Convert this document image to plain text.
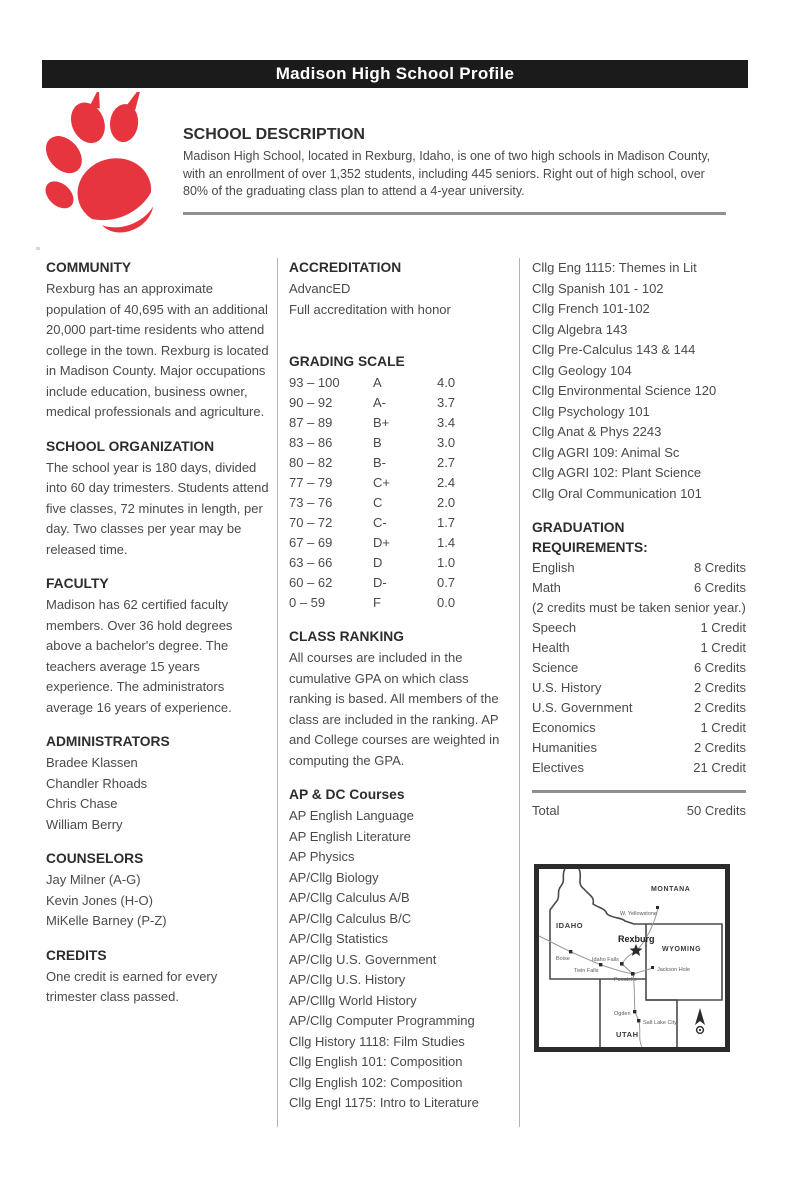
Madison High School Profile
SCHOOL DESCRIPTION

Madison High School, located in Rexburg, Idaho, is one of two high schools in Madison County, with an enrollment of over 1,352 students, including 445 seniors. Right out of high school, over 80% of the graduating class plan to attend a 4-year university.

COMMUNITY

Rexburg has an approximate population of 40,695 with an additional 20,000 part-time residents who attend college in the town. Rexburg is located in Madison County. Major occupations include education, business owner, medical professionals and agriculture.

SCHOOL ORGANIZATION

The school year is 180 days, divided into 60 day trimesters. Students attend five classes, 72 minutes in length, per day. Two classes per year may be released time.

FACULTY

Madison has 62 certified faculty members. Over 36 hold degrees above a bachelor's degree. The teachers average 15 years experience. The administrators average 16 years of experience.

ADMINISTRATORS
Bradee Klassen
Chandler Rhoads
Chris Chase
William Berry
COUNSELORS
Jay Milner (A-G)
Kevin Jones (H-O)
MiKelle Barney (P-Z)
CREDITS

One credit is earned for every trimester class passed.

ACCREDITATION
AdvancED
Full accreditation with honor
GRADING SCALE
93 – 100	A	4.0
90 – 92	A-	3.7
87 – 89	B+	3.4
83 – 86	B	3.0
80 – 82	B-	2.7
77 – 79	C+	2.4
73 – 76	C	2.0
70 – 72	C-	1.7
67 – 69	D+	1.4
63 – 66	D	1.0
60 – 62	D-	0.7
0 – 59	F	0.0
CLASS RANKING

All courses are included in the cumulative GPA on which class ranking is based. All members of the class are included in the ranking. AP and College courses are weighted in computing the GPA.

AP & DC Courses
AP English Language
AP English Literature
AP Physics
AP/Cllg Biology
AP/Cllg Calculus A/B
AP/Cllg Calculus B/C
AP/Cllg Statistics
AP/Cllg U.S. Government
AP/Cllg U.S. History
AP/Clllg World History
AP/Cllg Computer Programming
Cllg History 1118: Film Studies
Cllg English 101: Composition
Cllg English 102: Composition
Cllg Engl 1175: Intro to Literature
Cllg Eng 1115: Themes in Lit
Cllg Spanish 101 - 102
Cllg French 101-102
Cllg Algebra 143
Cllg Pre-Calculus 143 & 144
Cllg Geology 104
Cllg Environmental Science 120
Cllg Psychology 101
Cllg Anat & Phys 2243
Cllg AGRI 109: Animal Sc
Cllg AGRI 102: Plant Science
Cllg Oral Communication 101
GRADUATION
REQUIREMENTS:
English	8 Credits
Math	6 Credits
(2 credits must be taken senior year.)
Speech	1 Credit
Health	1 Credit
Science	6 Credits
U.S. History	2 Credits
U.S. Government	2 Credits
Economics	1 Credit
Humanities	2 Credits
Electives	21 Credit
Total	50 Credits
MONTANA
IDAHO
WYOMING
UTAH
W. Yellowstone
Rexburg
Boise	Idaho Falls
Twin Falls
Pocatello
Jackson Hole
Ogden
Salt Lake City
